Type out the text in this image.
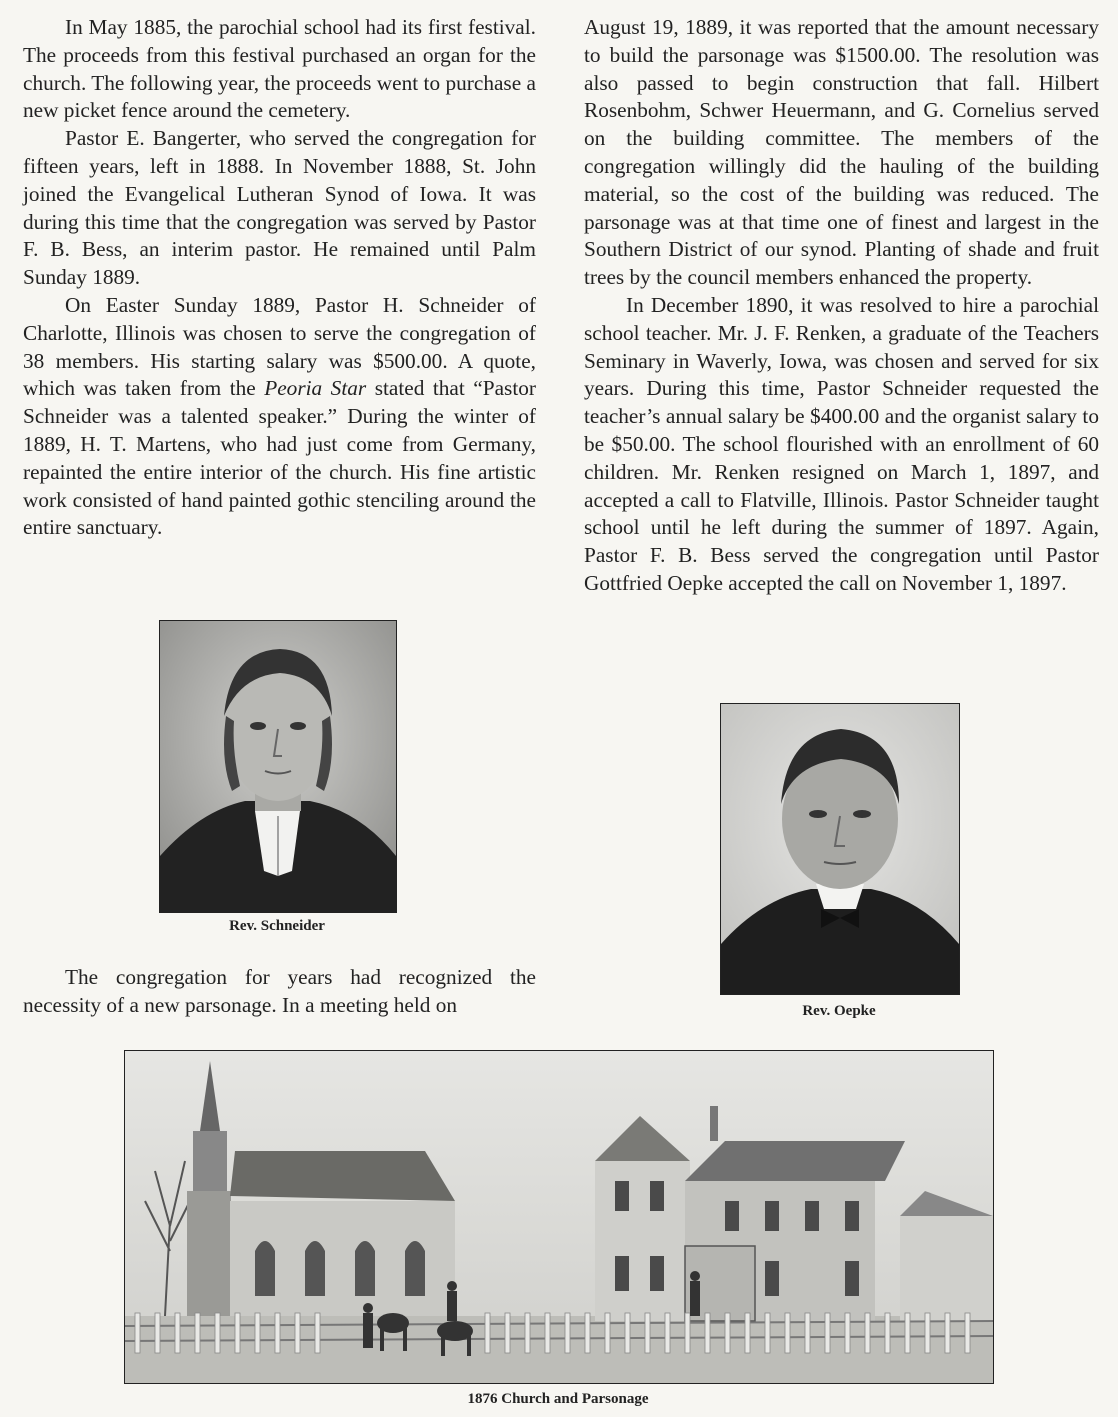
In May 1885, the parochial school had its first festival. The proceeds from this festival purchased an organ for the church. The following year, the proceeds went to purchase a new picket fence around the cemetery.

Pastor E. Bangerter, who served the congregation for fifteen years, left in 1888. In November 1888, St. John joined the Evangelical Lutheran Synod of Iowa. It was during this time that the congregation was served by Pastor F. B. Bess, an interim pastor. He remained until Palm Sunday 1889.

On Easter Sunday 1889, Pastor H. Schneider of Charlotte, Illinois was chosen to serve the congregation of 38 members. His starting salary was $500.00. A quote, which was taken from the Peoria Star stated that “Pastor Schneider was a talented speaker.” During the winter of 1889, H. T. Martens, who had just come from Germany, repainted the entire interior of the church. His fine artistic work consisted of hand painted gothic stenciling around the entire sanctuary.

Rev. Schneider

The congregation for years had recognized the necessity of a new parsonage. In a meeting held on

August 19, 1889, it was reported that the amount necessary to build the parsonage was $1500.00. The resolution was also passed to begin construction that fall. Hilbert Rosenbohm, Schwer Heuermann, and G. Cornelius served on the building committee. The members of the congregation willingly did the hauling of the building material, so the cost of the building was reduced. The parsonage was at that time one of finest and largest in the Southern District of our synod. Planting of shade and fruit trees by the council members enhanced the property.

In December 1890, it was resolved to hire a parochial school teacher. Mr. J. F. Renken, a graduate of the Teachers Seminary in Waverly, Iowa, was chosen and served for six years. During this time, Pastor Schneider requested the teacher’s annual salary be $400.00 and the organist salary to be $50.00. The school flourished with an enrollment of 60 children. Mr. Renken resigned on March 1, 1897, and accepted a call to Flatville, Illinois. Pastor Schneider taught school until he left during the summer of 1897. Again, Pastor F. B. Bess served the congregation until Pastor Gottfried Oepke accepted the call on November 1, 1897.

Rev. Oepke
1876 Church and Parsonage
